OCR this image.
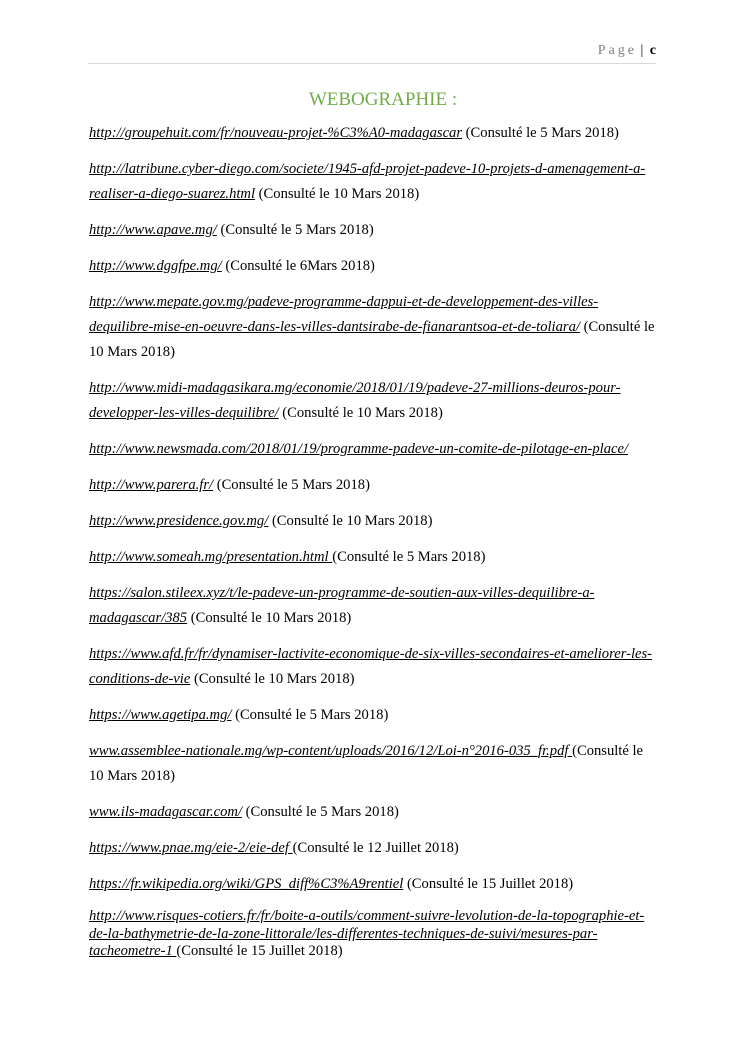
Page | c
WEBOGRAPHIE :
http://groupehuit.com/fr/nouveau-projet-%C3%A0-madagascar (Consulté le 5 Mars 2018)
http://latribune.cyber-diego.com/societe/1945-afd-projet-padeve-10-projets-d-amenagement-a-realiser-a-diego-suarez.html (Consulté le 10 Mars 2018)
http://www.apave.mg/ (Consulté le 5 Mars 2018)
http://www.dggfpe.mg/ (Consulté le 6Mars 2018)
http://www.mepate.gov.mg/padeve-programme-dappui-et-de-developpement-des-villes-dequilibre-mise-en-oeuvre-dans-les-villes-dantsirabe-de-fianarantsoa-et-de-toliara/ (Consulté le 10 Mars 2018)
http://www.midi-madagasikara.mg/economie/2018/01/19/padeve-27-millions-deuros-pour-developper-les-villes-dequilibre/ (Consulté le 10 Mars 2018)
http://www.newsmada.com/2018/01/19/programme-padeve-un-comite-de-pilotage-en-place/
http://www.parera.fr/ (Consulté le 5 Mars 2018)
http://www.presidence.gov.mg/ (Consulté le 10 Mars 2018)
http://www.someah.mg/presentation.html (Consulté le 5 Mars 2018)
https://salon.stileex.xyz/t/le-padeve-un-programme-de-soutien-aux-villes-dequilibre-a-madagascar/385 (Consulté le 10 Mars 2018)
https://www.afd.fr/fr/dynamiser-lactivite-economique-de-six-villes-secondaires-et-ameliorer-les-conditions-de-vie (Consulté le 10 Mars 2018)
https://www.agetipa.mg/ (Consulté le 5 Mars 2018)
www.assemblee-nationale.mg/wp-content/uploads/2016/12/Loi-n°2016-035_fr.pdf (Consulté le 10 Mars 2018)
www.ils-madagascar.com/ (Consulté le 5 Mars 2018)
https://www.pnae.mg/eie-2/eie-def (Consulté le 12 Juillet 2018)
https://fr.wikipedia.org/wiki/GPS_diff%C3%A9rentiel (Consulté le 15 Juillet 2018)
http://www.risques-cotiers.fr/fr/boite-a-outils/comment-suivre-levolution-de-la-topographie-et-de-la-bathymetrie-de-la-zone-littorale/les-differentes-techniques-de-suivi/mesures-par-tacheometre-1 (Consulté le 15 Juillet 2018)
